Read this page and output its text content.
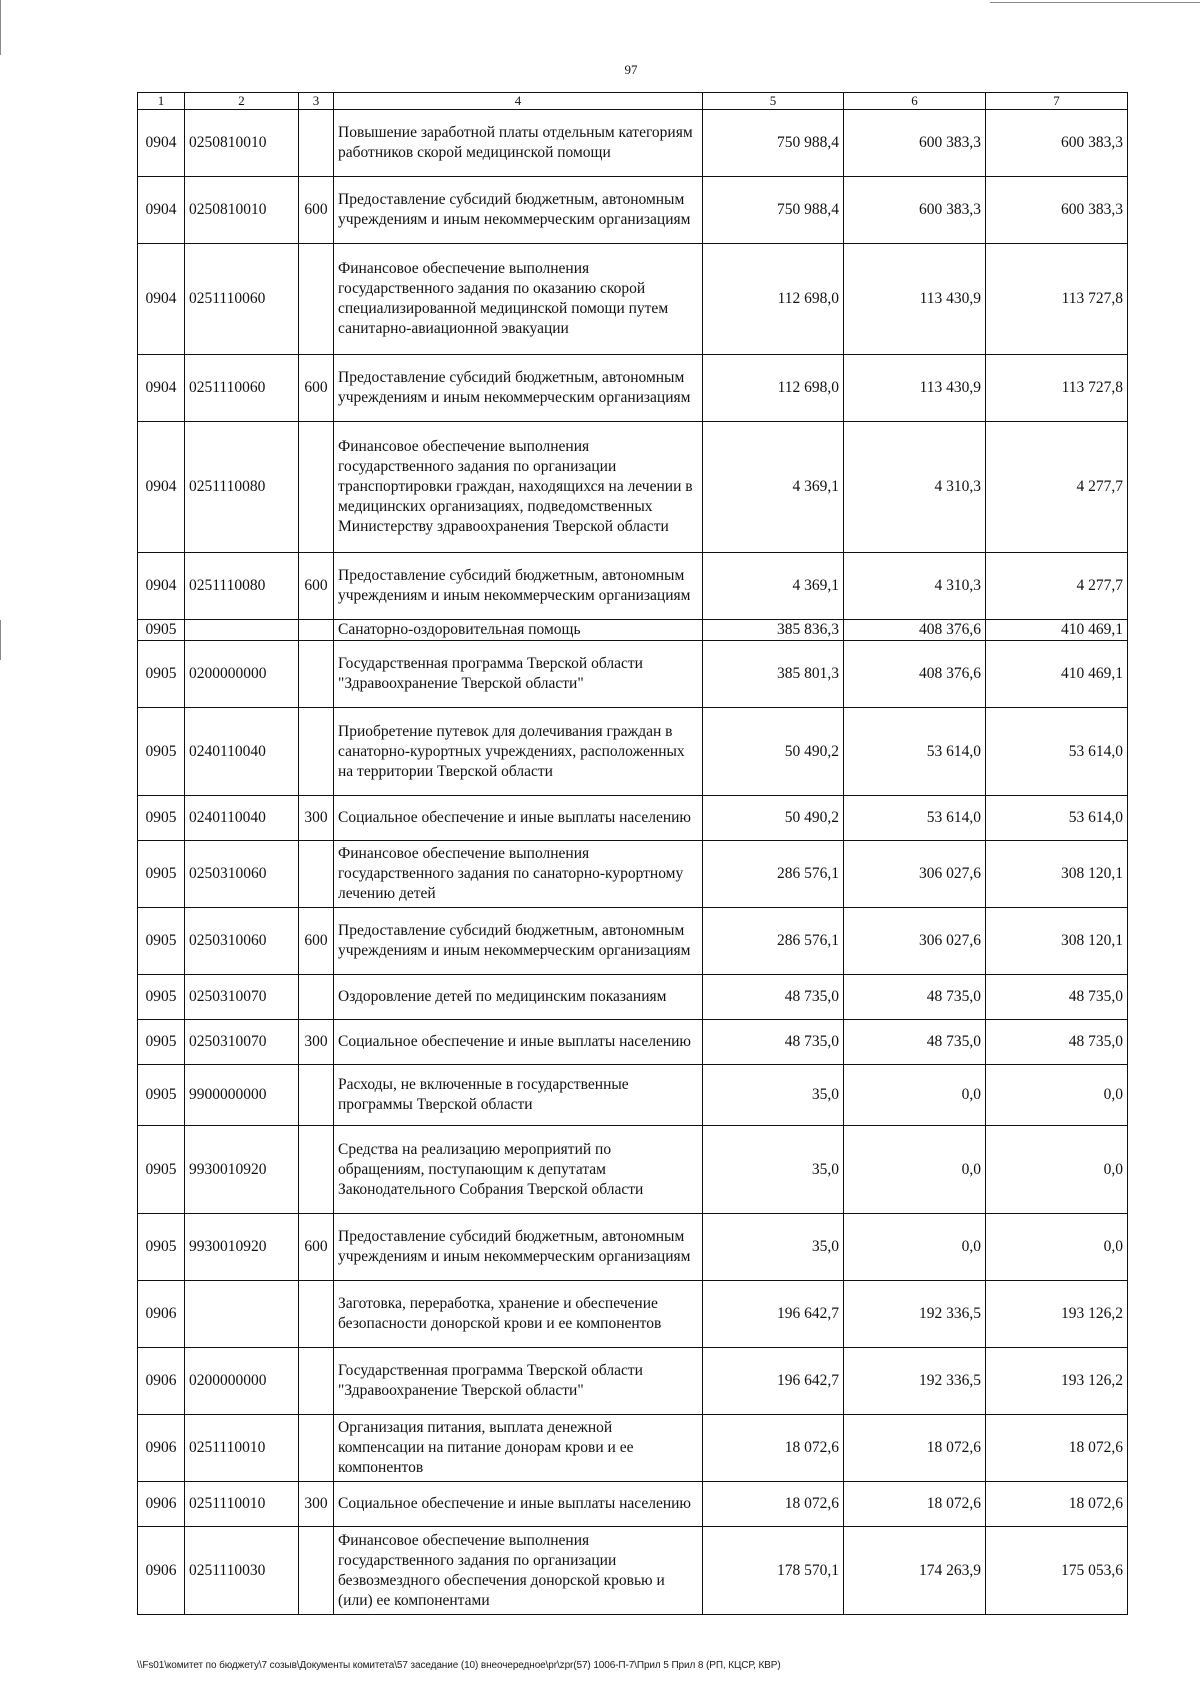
97
1	2	3	4	5	6	7
0904	0250810010		Повышение заработной платы отдельным категориям работников скорой медицинской помощи	750 988,4	600 383,3	600 383,3
0904	0250810010	600	Предоставление субсидий бюджетным, автономным учреждениям и иным некоммерческим организациям	750 988,4	600 383,3	600 383,3
0904	0251110060		Финансовое обеспечение выполнения государственного задания по оказанию скорой специализированной медицинской помощи путем санитарно-авиационной эвакуации	112 698,0	113 430,9	113 727,8
0904	0251110060	600	Предоставление субсидий бюджетным, автономным учреждениям и иным некоммерческим организациям	112 698,0	113 430,9	113 727,8
0904	0251110080		Финансовое обеспечение выполнения государственного задания по организации транспортировки граждан, находящихся на лечении в медицинских организациях, подведомственных Министерству здравоохранения Тверской области	4 369,1	4 310,3	4 277,7
0904	0251110080	600	Предоставление субсидий бюджетным, автономным учреждениям и иным некоммерческим организациям	4 369,1	4 310,3	4 277,7
0905			Санаторно-оздоровительная помощь	385 836,3	408 376,6	410 469,1
0905	0200000000		Государственная программа Тверской области "Здравоохранение Тверской области"	385 801,3	408 376,6	410 469,1
0905	0240110040		Приобретение путевок для долечивания граждан в санаторно-курортных учреждениях, расположенных на территории Тверской области	50 490,2	53 614,0	53 614,0
0905	0240110040	300	Социальное обеспечение и иные выплаты населению	50 490,2	53 614,0	53 614,0
0905	0250310060		Финансовое обеспечение выполнения государственного задания по санаторно-курортному лечению детей	286 576,1	306 027,6	308 120,1
0905	0250310060	600	Предоставление субсидий бюджетным, автономным учреждениям и иным некоммерческим организациям	286 576,1	306 027,6	308 120,1
0905	0250310070		Оздоровление детей по медицинским показаниям	48 735,0	48 735,0	48 735,0
0905	0250310070	300	Социальное обеспечение и иные выплаты населению	48 735,0	48 735,0	48 735,0
0905	9900000000		Расходы, не включенные в государственные программы Тверской области	35,0	0,0	0,0
0905	9930010920		Средства на реализацию мероприятий по обращениям, поступающим к депутатам Законодательного Собрания Тверской области	35,0	0,0	0,0
0905	9930010920	600	Предоставление субсидий бюджетным, автономным учреждениям и иным некоммерческим организациям	35,0	0,0	0,0
0906			Заготовка, переработка, хранение и обеспечение безопасности донорской крови и ее компонентов	196 642,7	192 336,5	193 126,2
0906	0200000000		Государственная программа Тверской области "Здравоохранение Тверской области"	196 642,7	192 336,5	193 126,2
0906	0251110010		Организация питания, выплата денежной компенсации на питание донорам крови и ее компонентов	18 072,6	18 072,6	18 072,6
0906	0251110010	300	Социальное обеспечение и иные выплаты населению	18 072,6	18 072,6	18 072,6
0906	0251110030		Финансовое обеспечение выполнения государственного задания по организации безвозмездного обеспечения донорской кровью и (или) ее компонентами	178 570,1	174 263,9	175 053,6
\\Fs01\комитет по бюджету\7 созыв\Документы комитета\57 заседание (10) внеочередное\pr\zpr(57) 1006-П-7\Прил 5 Прил 8 (РП, КЦСР, КВР)
